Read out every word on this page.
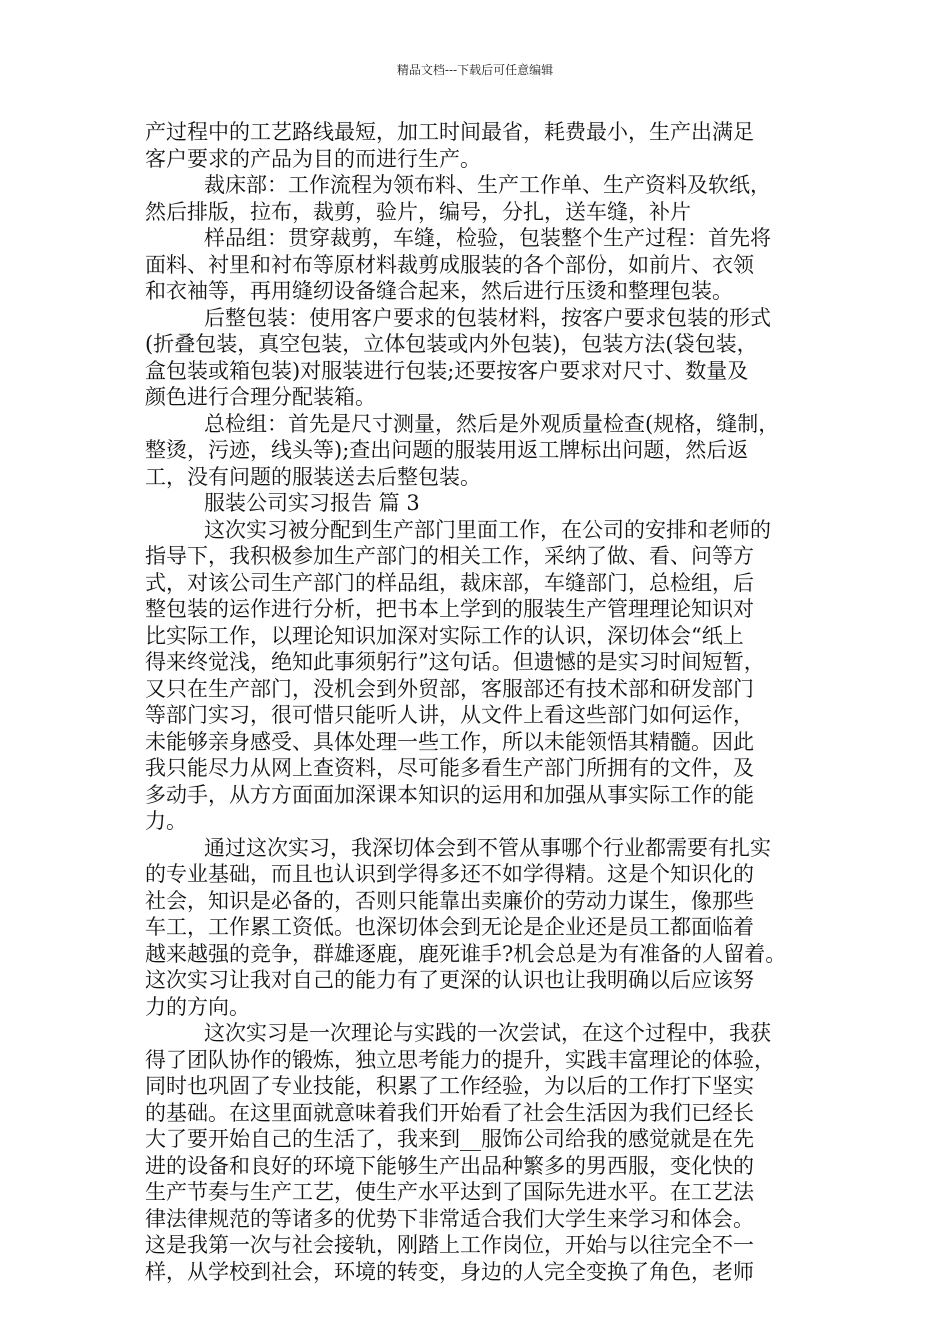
精品文档---下载后可任意编辑
产过程中的工艺路线最短，加工时间最省，耗费最小，生产出满足
客户要求的产品为目的而进行生产。
裁床部：工作流程为领布料、生产工作单、生产资料及软纸，
然后排版，拉布，裁剪，验片，编号，分扎，送车缝，补片
样品组：贯穿裁剪，车缝，检验，包装整个生产过程：首先将
面料、衬里和衬布等原材料裁剪成服装的各个部份，如前片、衣领
和衣袖等，再用缝纫设备缝合起来，然后进行压烫和整理包装。
后整包装：使用客户要求的包装材料，按客户要求包装的形式
(折叠包装，真空包装，立体包装或内外包装)，包装方法(袋包装，
盒包装或箱包装)对服装进行包装;还要按客户要求对尺寸、数量及
颜色进行合理分配装箱。
总检组：首先是尺寸测量，然后是外观质量检查(规格，缝制，
整烫，污迹，线头等);查出问题的服装用返工牌标出问题，然后返
工，没有问题的服装送去后整包装。
服装公司实习报告 篇 3
这次实习被分配到生产部门里面工作，在公司的安排和老师的
指导下，我积极参加生产部门的相关工作，采纳了做、看、问等方
式，对该公司生产部门的样品组，裁床部，车缝部门，总检组，后
整包装的运作进行分析，把书本上学到的服装生产管理理论知识对
比实际工作，以理论知识加深对实际工作的认识，深切体会“纸上
得来终觉浅，绝知此事须躬行”这句话。但遗憾的是实习时间短暂，
又只在生产部门，没机会到外贸部，客服部还有技术部和研发部门
等部门实习，很可惜只能听人讲，从文件上看这些部门如何运作，
未能够亲身感受、具体处理一些工作，所以未能领悟其精髓。因此
我只能尽力从网上查资料，尽可能多看生产部门所拥有的文件，及
多动手，从方方面面加深课本知识的运用和加强从事实际工作的能
力。
通过这次实习，我深切体会到不管从事哪个行业都需要有扎实
的专业基础，而且也认识到学得多还不如学得精。这是个知识化的
社会，知识是必备的，否则只能靠出卖廉价的劳动力谋生，像那些
车工，工作累工资低。也深切体会到无论是企业还是员工都面临着
越来越强的竞争，群雄逐鹿，鹿死谁手?机会总是为有准备的人留着。
这次实习让我对自己的能力有了更深的认识也让我明确以后应该努
力的方向。
这次实习是一次理论与实践的一次尝试，在这个过程中，我获
得了团队协作的锻炼，独立思考能力的提升，实践丰富理论的体验，
同时也巩固了专业技能，积累了工作经验，为以后的工作打下坚实
的基础。在这里面就意味着我们开始看了社会生活因为我们已经长
大了要开始自己的生活了，我来到__服饰公司给我的感觉就是在先
进的设备和良好的环境下能够生产出品种繁多的男西服，变化快的
生产节奏与生产工艺，使生产水平达到了国际先进水平。在工艺法
律法律规范的等诸多的优势下非常适合我们大学生来学习和体会。
这是我第一次与社会接轨，刚踏上工作岗位，开始与以往完全不一
样，从学校到社会，环境的转变，身边的人完全变换了角色，老师
